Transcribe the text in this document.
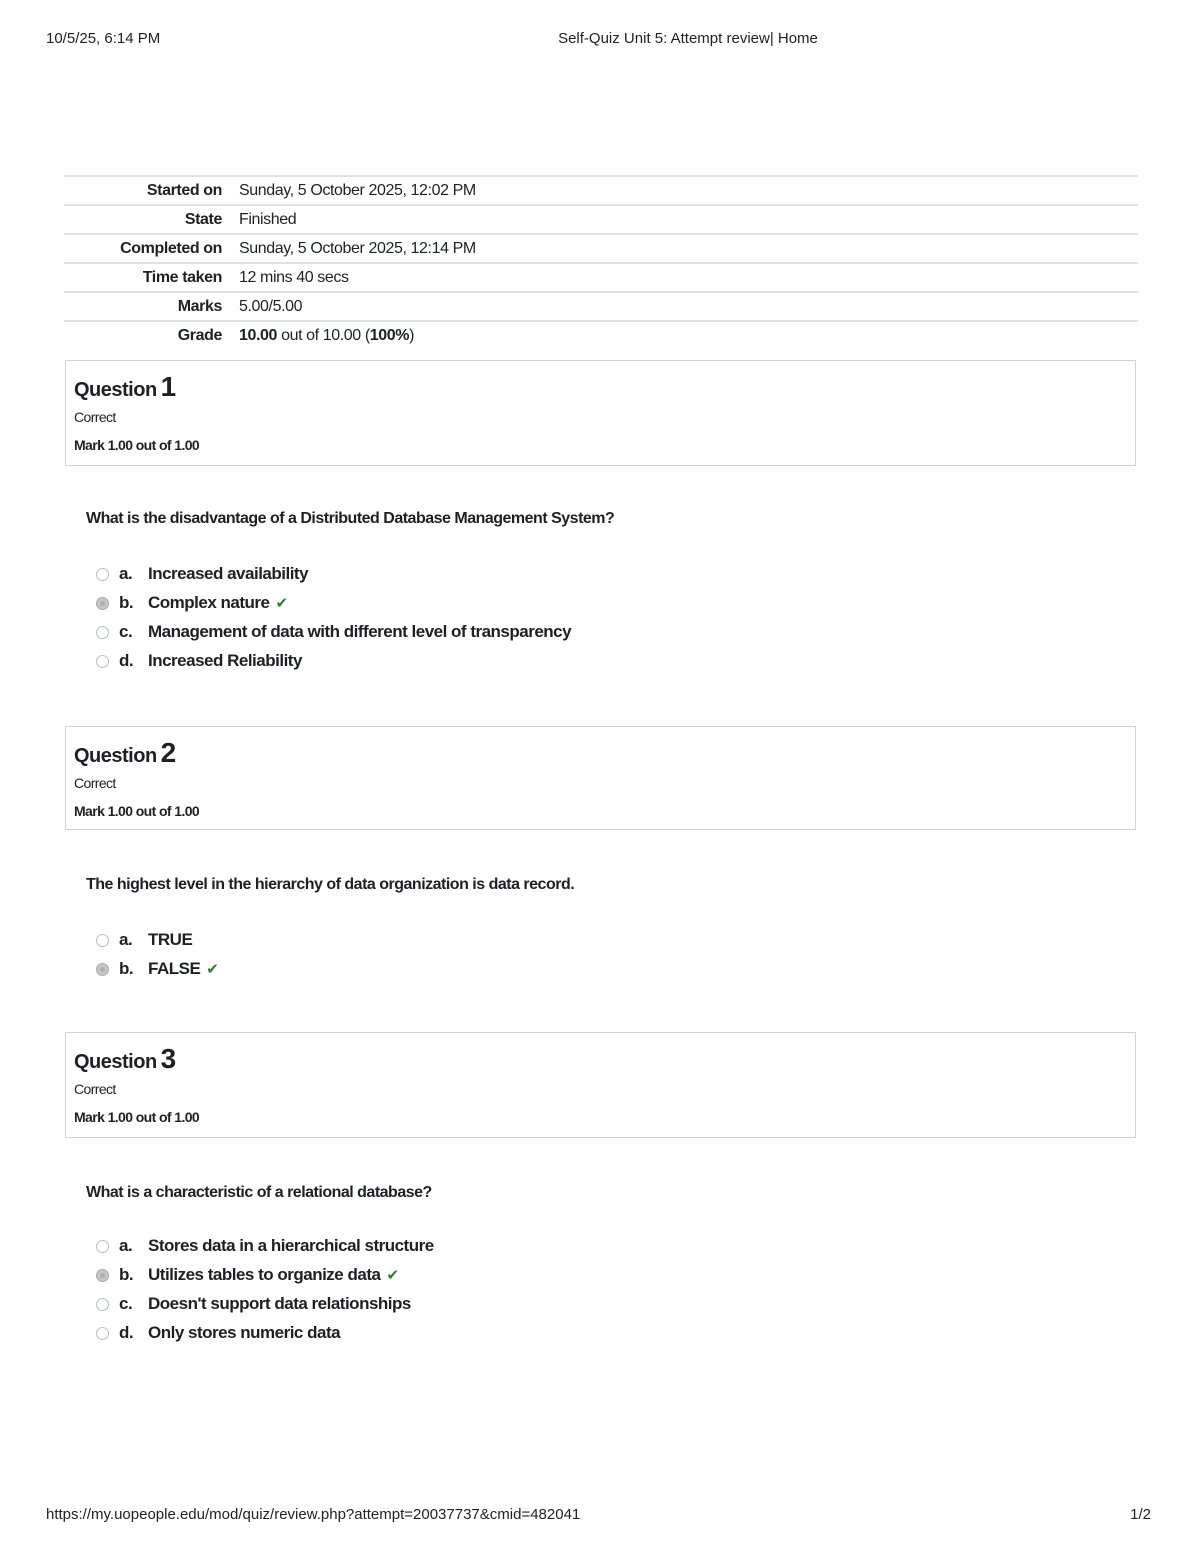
10/5/25, 6:14 PM	Self-Quiz Unit 5: Attempt review| Home
Started on	Sunday, 5 October 2025, 12:02 PM
State	Finished
Completed on	Sunday, 5 October 2025, 12:14 PM
Time taken	12 mins 40 secs
Marks	5.00/5.00
Grade	10.00 out of 10.00 (100%)
Question 1
Correct
Mark 1.00 out of 1.00
What is the disadvantage of a Distributed Database Management System?
a. Increased availability
b. Complex nature ✔
c. Management of data with different level of transparency
d. Increased Reliability
Question 2
Correct
Mark 1.00 out of 1.00
The highest level in the hierarchy of data organization is data record.
a. TRUE
b. FALSE ✔
Question 3
Correct
Mark 1.00 out of 1.00
What is a characteristic of a relational database?
a. Stores data in a hierarchical structure
b. Utilizes tables to organize data ✔
c. Doesn't support data relationships
d. Only stores numeric data
https://my.uopeople.edu/mod/quiz/review.php?attempt=20037737&cmid=482041	1/2
